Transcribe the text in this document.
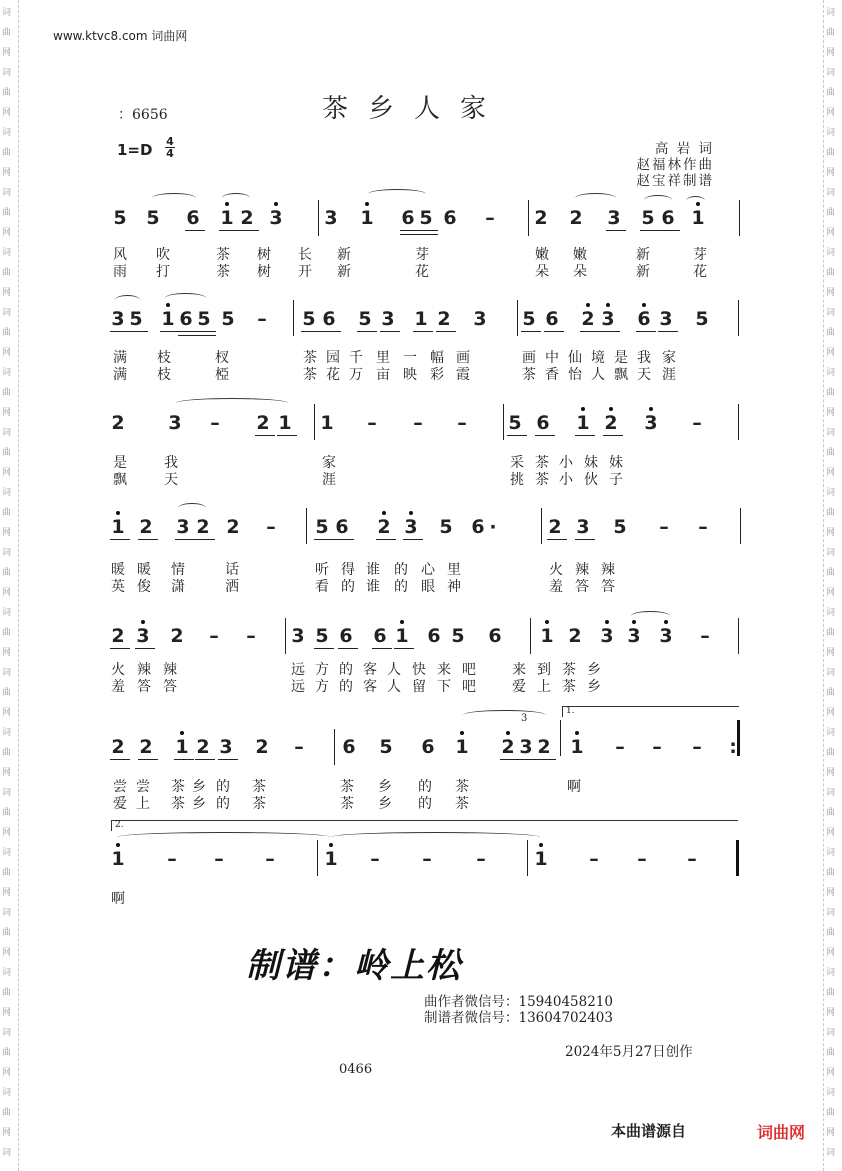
词
曲
网
词
曲
网
词
曲
网
词
曲
网
词
曲
网
词
曲
网
词
曲
网
词
曲
网
词
曲
网
词
曲
网
词
曲
网
词
曲
网
词
曲
网
词
曲
网
词
曲
网
词
曲
网
词
曲
网
词
曲
网
词
曲
网
词
词
曲
网
词
曲
网
词
曲
网
词
曲
网
词
曲
网
词
曲
网
词
曲
网
词
曲
网
词
曲
网
词
曲
网
词
曲
网
词
曲
网
词
曲
网
词
曲
网
词
曲
网
词
曲
网
词
曲
网
词
曲
网
词
曲
网
词
www.ktvc8.com 词曲网
茶乡人家
：6656
1=D 4
4	高 岩 词
赵福林作曲
赵宝祥制谱
5 5 6 1 2 3 3 1 6 5 6 – 2 2 3 5 6 1
风
雨
吹
打
茶
茶
树
树
长
开
新
新
芽
花
嫩
朵
嫩
朵
新
新
芽
花
3 5 1 6 5 5 – 5 6 5 3 1 2 3 5 6 2 3 6 3 5
满
满
枝
枝
杈
椏
茶
茶
园
花
千
万
里
亩
一
映
幅
彩
画
霞
画
茶
中
香
仙
怡
境
人
是
飘
我
天
家
涯
2 3 – 2 1 1 – – – 5 6 1 2 3 –
是
飘
我
天
家
涯
采
挑
茶
茶
小
小
妹
伙
妹
子
1 2 3 2 2 – 5 6 2 3 5 6 ·	2 3 5 – –
暖
英
暖
俊
情
潇
话
洒
听
看
得
的
谁
谁
的
的
心
眼
里
神
火
羞
辣
答
辣
答
2 3 2 – – 3 5 6 6 1 6 5 6 1 2 3 3 3 –
火
羞
辣
答
辣
答
远
远
方
方
的
的
客
客
人
人
快
留
来
下
吧
吧
来
爱
到
上
茶
茶
乡
乡
2 2 1 2 3 2 – 6 5 6 1 2 3 2 1 – – –	:
3
1.
尝
爱
尝
上
茶
茶
乡
乡
的
的
茶
茶
茶
茶
乡
乡
的
的
茶
茶
啊
1 – – –	1 – – –	1 – – –
2.
啊
制谱：岭上松
曲作者微信号：15940458210
制谱者微信号：13604702403
2024年5月27日创作
0466
本曲谱源自	词曲网
